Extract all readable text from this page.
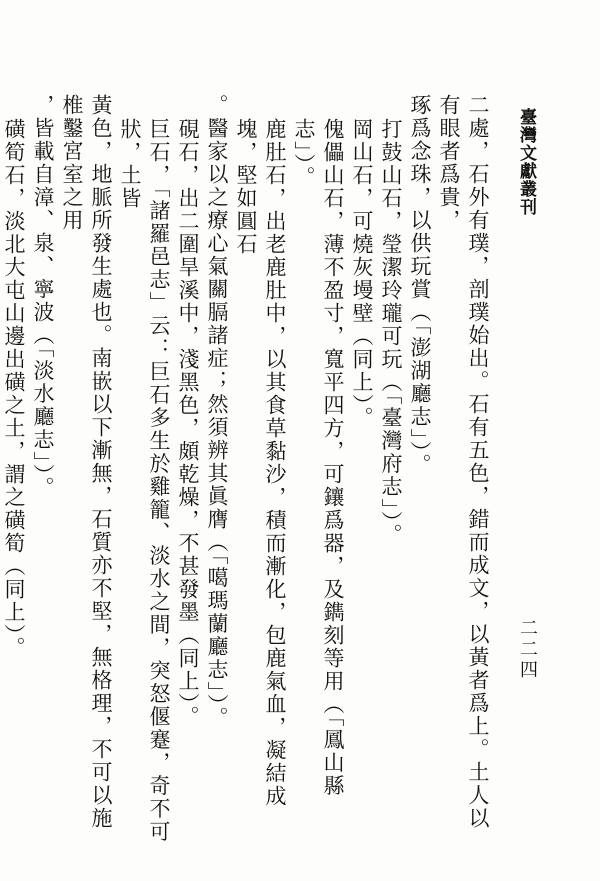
臺灣文獻叢刊
二二四

二處，石外有璞，剖璞始出。石有五色，錯而成文，以黃者爲上。土人以有眼者爲貴，

琢爲念珠，以供玩賞（「澎湖廳志」）。

打鼓山石，瑩潔玲瓏可玩（「臺灣府志」）。

岡山石，可燒灰墁壁（同上）。

傀儡山石，薄不盈寸，寬平四方，可鑲爲器，及鐫刻等用（「鳳山縣志」）。

鹿肚石，出老鹿肚中，以其食草黏沙，積而漸化，包鹿氣血，凝結成塊，堅如圓石

。醫家以之療心氣關膈諸症；然須辨其眞膺（「噶瑪蘭廳志」）。

硯石，出二圍旱溪中，淺黑色，頗乾燥，不甚發墨（同上）。

巨石，「諸羅邑志」云：巨石多生於雞籠、淡水之間，突怒偃蹇，奇不可狀，土皆

黃色，地脈所發生處也。南嵌以下漸無，石質亦不堅，無格理，不可以施椎鑿宮室之用

，皆載自漳、泉、寧波（「淡水廳志」）。

磺筍石，淡北大屯山邊出磺之土，謂之磺筍（同上）。
